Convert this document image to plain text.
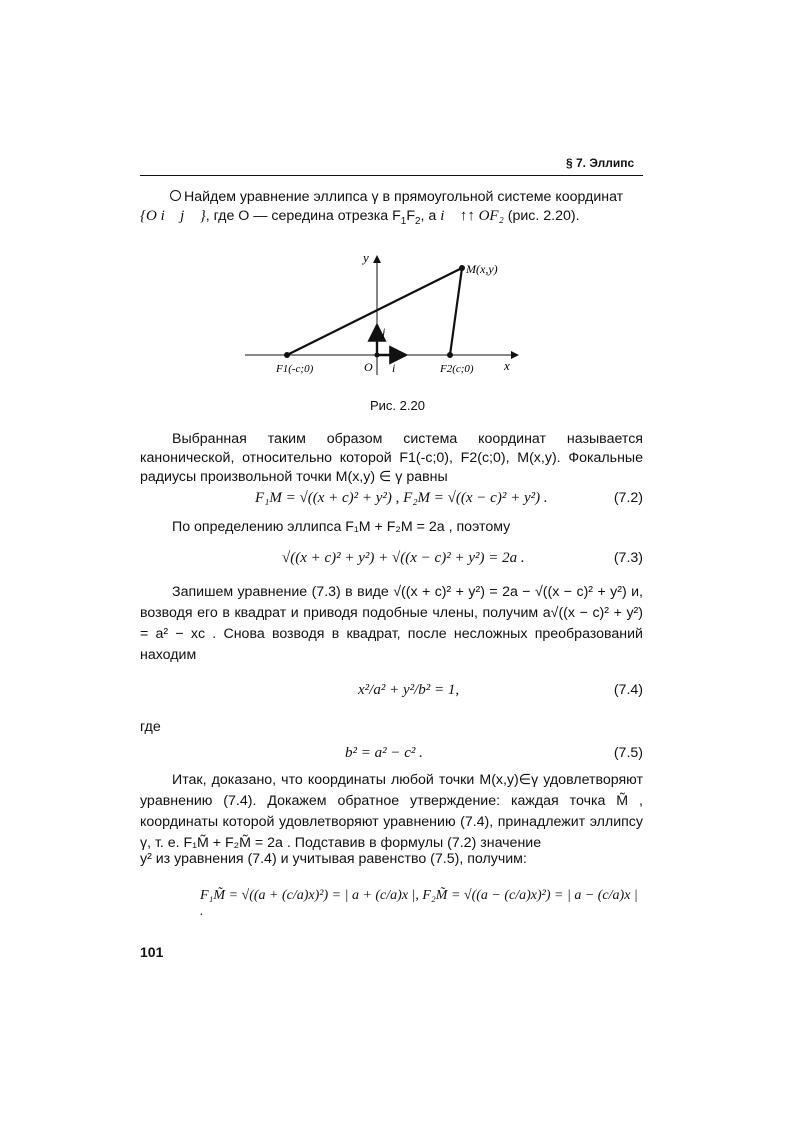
§ 7. Эллипс
Найдем уравнение эллипса γ в прямоугольной системе координат
{O i⃗ j⃗ }, где O — середина отрезка $F_1F_2$, а i⃗ ↑↑ OF₂ (рис. 2.20).
y
x
O
M(x,y)
F1(-c;0)	F2(c;0)
i
j
Рис. 2.20
Выбранная таким образом система координат называется канонической, относительно которой F1(-c;0), F2(c;0), M(x,y). Фокальные радиусы произвольной точки M(x,y) ∈ γ равны
F₁M = √((x + c)² + y²) , F₂M = √((x − c)² + y²) .	(7.2)
По определению эллипса F₁M + F₂M = 2a , поэтому
√((x + c)² + y²) + √((x − c)² + y²) = 2a .	(7.3)
Запишем уравнение (7.3) в виде √((x + c)² + y²) = 2a − √((x − c)² + y²) и, возводя его в квадрат и приводя подобные члены, получим a√((x − c)² + y²) = a² − xc . Снова возводя в квадрат, после несложных преобразований находим
x²/a² + y²/b² = 1,	(7.4)
где
b² = a² − c² .	(7.5)
Итак, доказано, что координаты любой точки M(x,y)∈γ удовлетворяют уравнению (7.4). Докажем обратное утверждение: каждая точка M̃ , координаты которой удовлетворяют уравнению (7.4), принадлежит эллипсу γ, т. е. F₁M̃ + F₂M̃ = 2a . Подставив в формулы (7.2) значение
y² из уравнения (7.4) и учитывая равенство (7.5), получим:
F₁M̃ = √((a + (c/a)x)²) = | a + (c/a)x |, F₂M̃ = √((a − (c/a)x)²) = | a − (c/a)x | .
101
